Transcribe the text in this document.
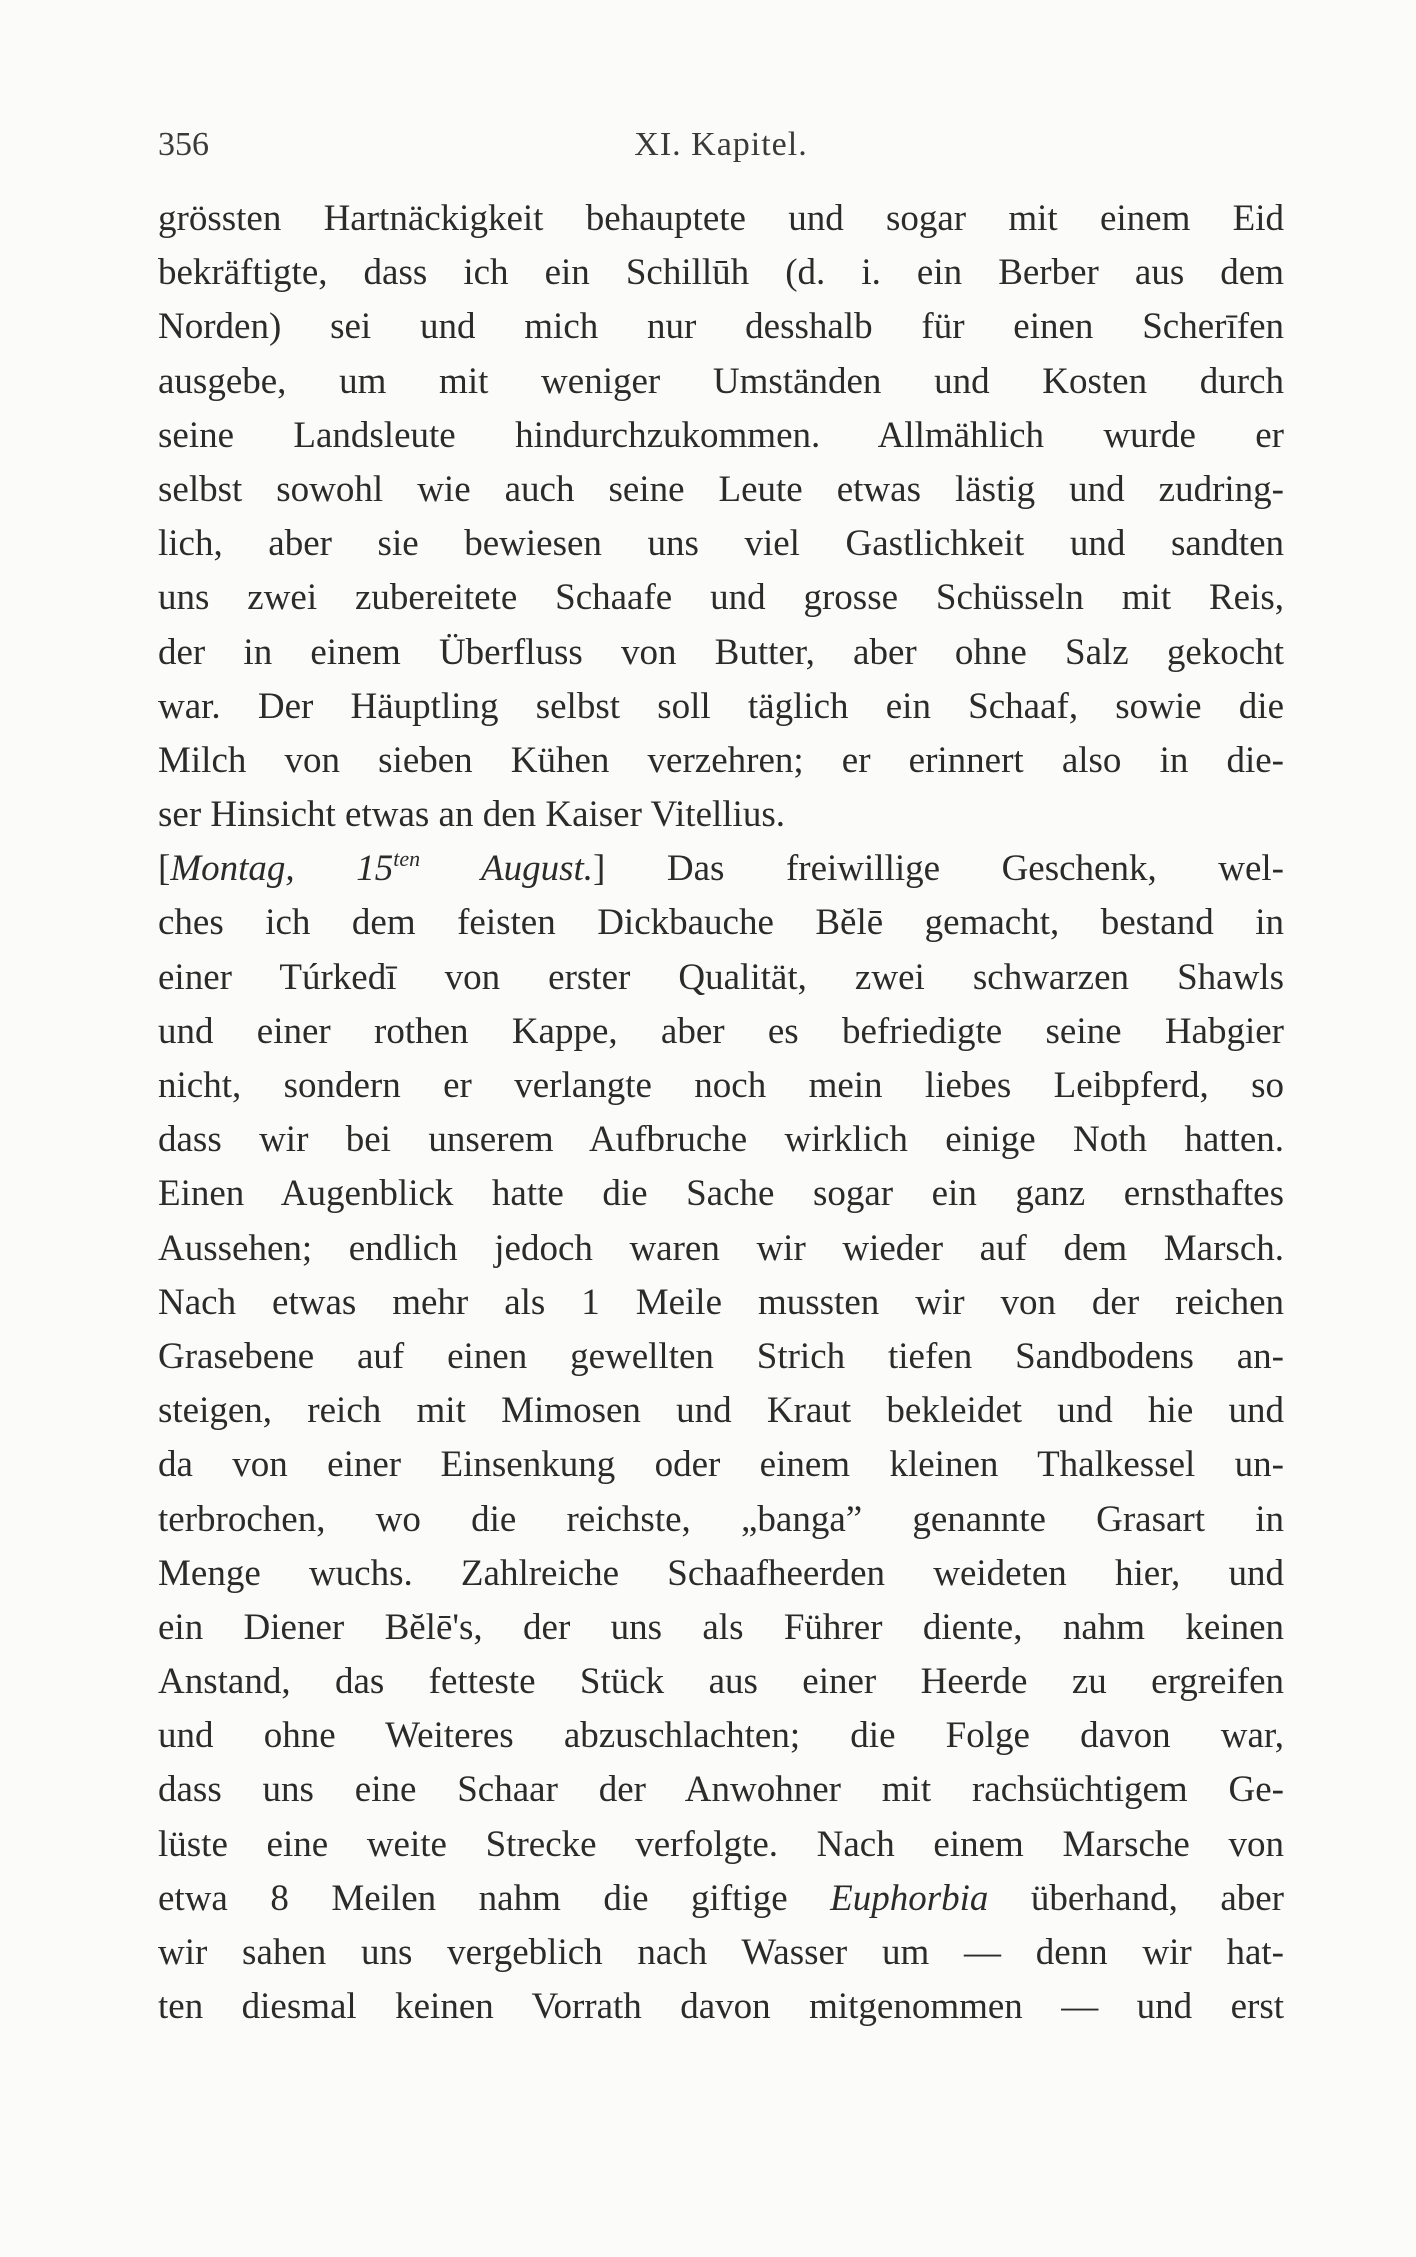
356	XI. Kapitel.
grössten Hartnäckigkeit behauptete und sogar mit einem Eid
bekräftigte, dass ich ein Schillūh (d. i. ein Berber aus dem
Norden) sei und mich nur desshalb für einen Scherīfen
ausgebe, um mit weniger Umständen und Kosten durch
seine Landsleute hindurchzukommen. Allmählich wurde er
selbst sowohl wie auch seine Leute etwas lästig und zudring-
lich, aber sie bewiesen uns viel Gastlichkeit und sandten
uns zwei zubereitete Schaafe und grosse Schüsseln mit Reis,
der in einem Überfluss von Butter, aber ohne Salz gekocht
war. Der Häuptling selbst soll täglich ein Schaaf, sowie die
Milch von sieben Kühen verzehren; er erinnert also in die-
ser Hinsicht etwas an den Kaiser Vitellius.
[Montag, $15^{ten}$ August.] Das freiwillige Geschenk, wel-
ches ich dem feisten Dickbauche Bĕlē gemacht, bestand in
einer Túrkedī von erster Qualität, zwei schwarzen Shawls
und einer rothen Kappe, aber es befriedigte seine Habgier
nicht, sondern er verlangte noch mein liebes Leibpferd, so
dass wir bei unserem Aufbruche wirklich einige Noth hatten.
Einen Augenblick hatte die Sache sogar ein ganz ernsthaftes
Aussehen; endlich jedoch waren wir wieder auf dem Marsch.
Nach etwas mehr als 1 Meile mussten wir von der reichen
Grasebene auf einen gewellten Strich tiefen Sandbodens an-
steigen, reich mit Mimosen und Kraut bekleidet und hie und
da von einer Einsenkung oder einem kleinen Thalkessel un-
terbrochen, wo die reichste, „banga” genannte Grasart in
Menge wuchs. Zahlreiche Schaafheerden weideten hier, und
ein Diener Bĕlē's, der uns als Führer diente, nahm keinen
Anstand, das fetteste Stück aus einer Heerde zu ergreifen
und ohne Weiteres abzuschlachten; die Folge davon war,
dass uns eine Schaar der Anwohner mit rachsüchtigem Ge-
lüste eine weite Strecke verfolgte. Nach einem Marsche von
etwa 8 Meilen nahm die giftige Euphorbia überhand, aber
wir sahen uns vergeblich nach Wasser um — denn wir hat-
ten diesmal keinen Vorrath davon mitgenommen — und erst
